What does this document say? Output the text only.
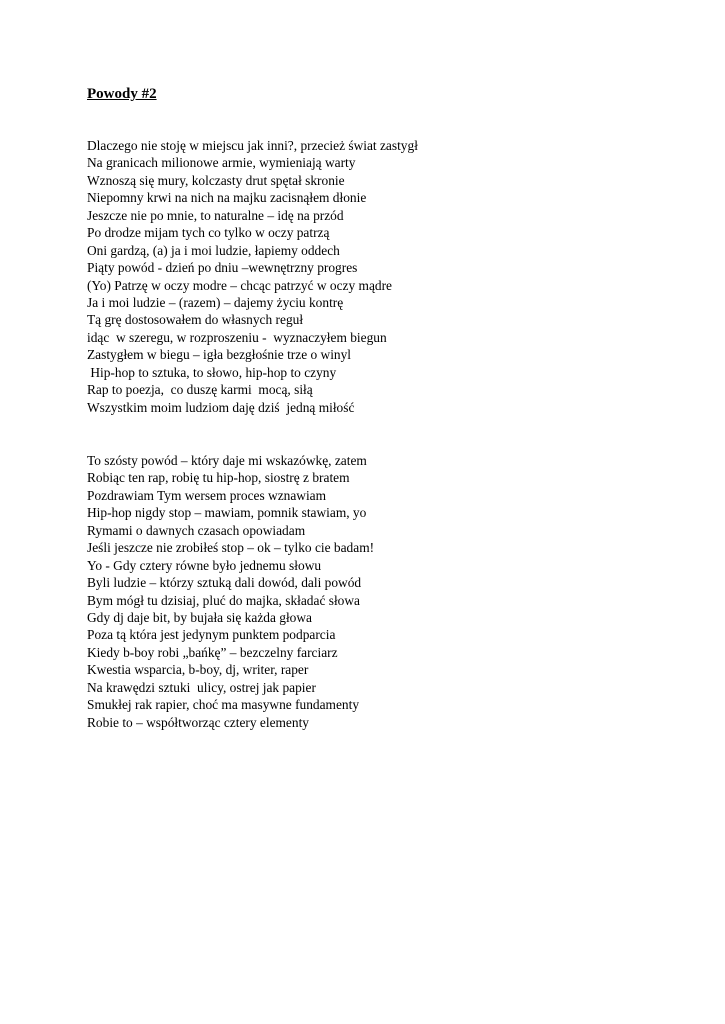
Powody #2
Dlaczego nie stoję w miejscu jak inni?, przecież świat zastygł
Na granicach milionowe armie, wymieniają warty
Wznoszą się mury, kolczasty drut spętał skronie
Niepomny krwi na nich na majku zacisnąłem dłonie
Jeszcze nie po mnie, to naturalne – idę na przód
Po drodze mijam tych co tylko w oczy patrzą
Oni gardzą, (a) ja i moi ludzie, łapiemy oddech
Piąty powód - dzień po dniu –wewnętrzny progres
(Yo) Patrzę w oczy modre – chcąc patrzyć w oczy mądre
Ja i moi ludzie – (razem) – dajemy życiu kontrę
Tą grę dostosowałem do własnych reguł
idąc  w szeregu, w rozproszeniu -  wyznaczyłem biegun
Zastygłem w biegu – igła bezgłośnie trze o winyl
Hip-hop to sztuka, to słowo, hip-hop to czyny
Rap to poezja,  co duszę karmi  mocą, siłą
Wszystkim moim ludziom daję dziś  jedną miłość
To szósty powód – który daje mi wskazówkę, zatem
Robiąc ten rap, robię tu hip-hop, siostrę z bratem
Pozdrawiam Tym wersem proces wznawiam
Hip-hop nigdy stop – mawiam, pomnik stawiam, yo
Rymami o dawnych czasach opowiadam
Jeśli jeszcze nie zrobiłeś stop – ok – tylko cie badam!
Yo - Gdy cztery równe było jednemu słowu
Byli ludzie – którzy sztuką dali dowód, dali powód
Bym mógł tu dzisiaj, pluć do majka, składać słowa
Gdy dj daje bit, by bujała się każda głowa
Poza tą która jest jedynym punktem podparcia
Kiedy b-boy robi „bańkę” – bezczelny farciarz
Kwestia wsparcia, b-boy, dj, writer, raper
Na krawędzi sztuki  ulicy, ostrej jak papier
Smukłej rak rapier, choć ma masywne fundamenty
Robie to – współtworząc cztery elementy
